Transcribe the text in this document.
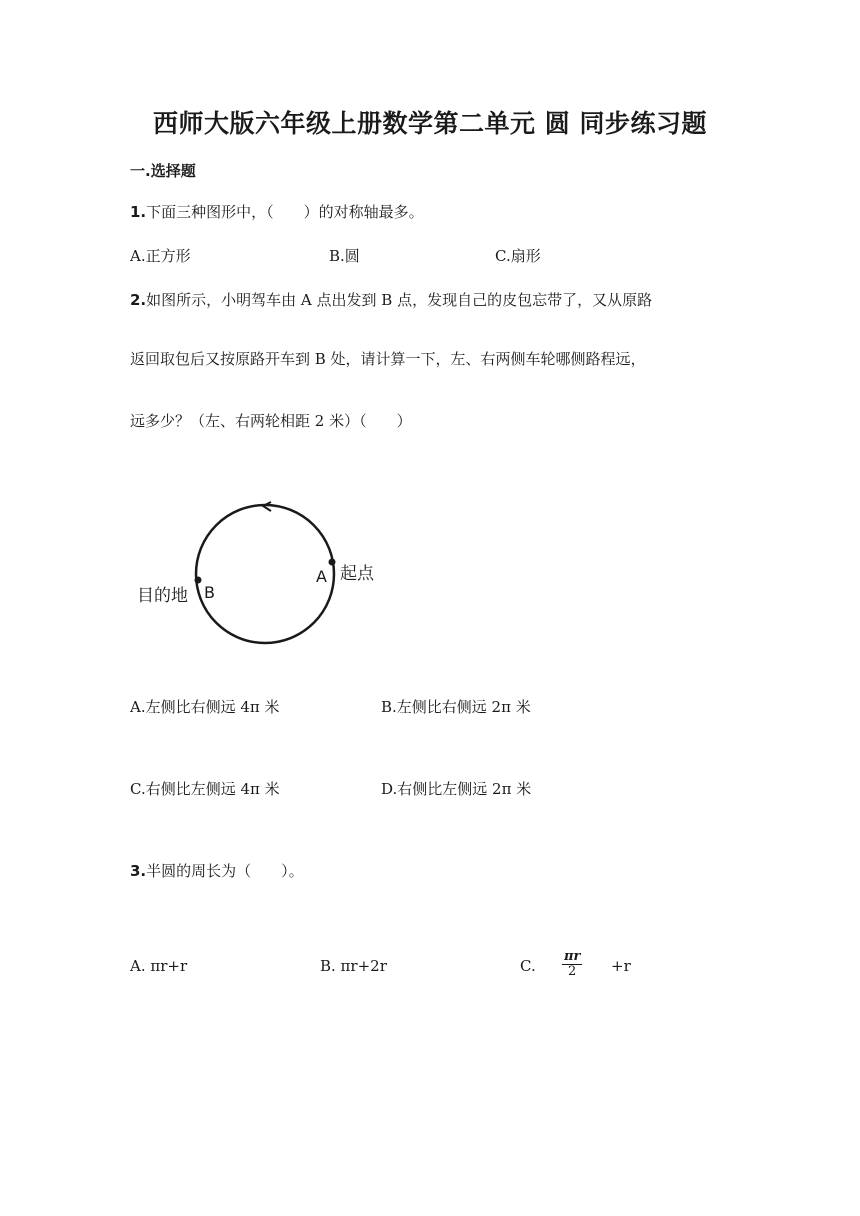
西师大版六年级上册数学第二单元 圆 同步练习题
一.选择题
1.下面三种图形中，（　　）的对称轴最多。
A.正方形	B.圆	C.扇形
2.如图所示，小明驾车由 A 点出发到 B 点，发现自己的皮包忘带了，又从原路
返回取包后又按原路开车到 B 处，请计算一下，左、右两侧车轮哪侧路程远，
远多少？（左、右两轮相距 2 米）（　　）
A 起点
B
目的地
A.左侧比右侧远 4π 米	B.左侧比右侧远 2π 米
C.右侧比左侧远 4π 米	D.右侧比左侧远 2π 米
3.半圆的周长为（　　）。
A. πr+r	B. πr+2r	C. $\frac{\pi r}{2} +r$
